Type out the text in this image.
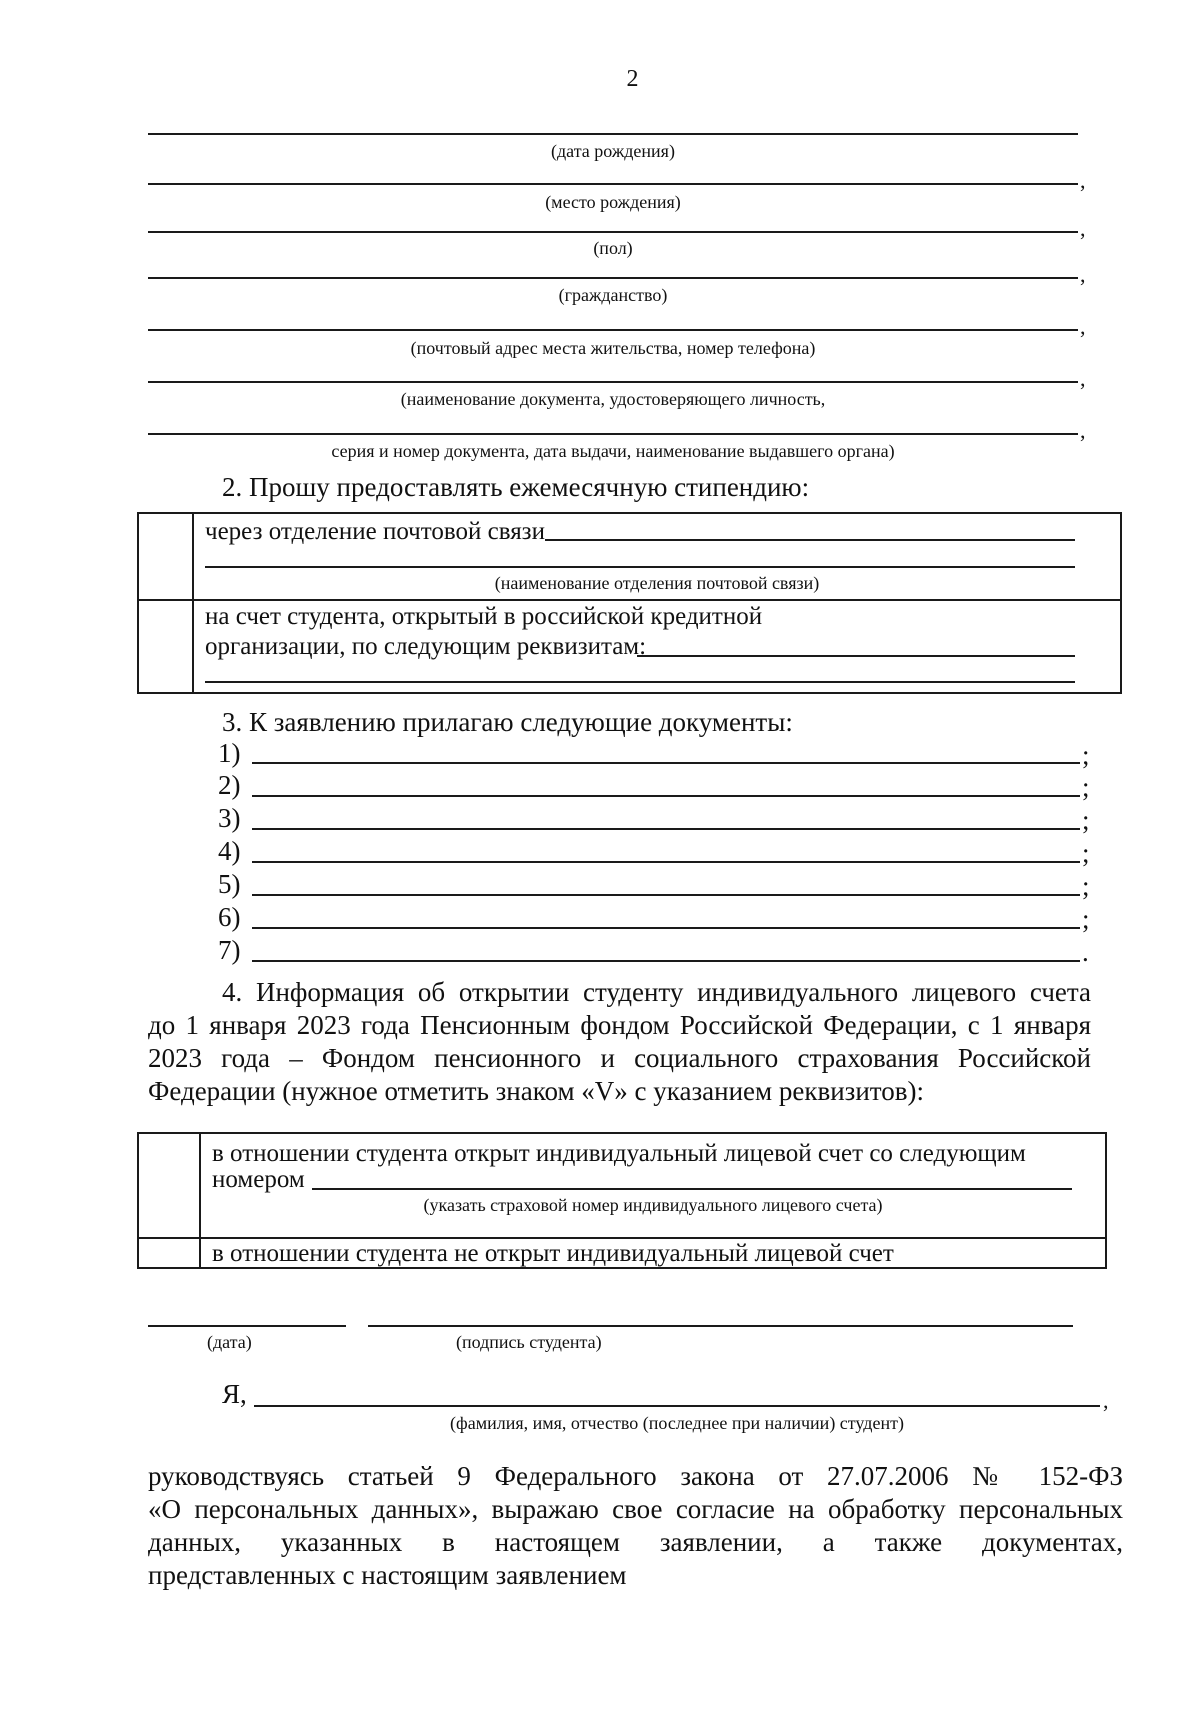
2
(дата рождения)
,
(место рождения)
,
(пол)
,
(гражданство)
,
(почтовый адрес места жительства, номер телефона)
,
(наименование документа, удостоверяющего личность,
,
серия и номер документа, дата выдачи, наименование выдавшего органа)
2. Прошу предоставлять ежемесячную стипендию:
через отделение почтовой связи
(наименование отделения почтовой связи)
на счет студента, открытый в российской кредитной
организации, по следующим реквизитам:
3. К заявлению прилагаю следующие документы:
1)	;
2)	;
3)	;
4)	;
5)	;
6)	;
7)	.
4. Информация об открытии студенту индивидуального лицевого счета
до 1 января 2023 года Пенсионным фондом Российской Федерации, с 1 января
2023 года – Фондом пенсионного и социального страхования Российской
Федерации (нужное отметить знаком «V» с указанием реквизитов):
в отношении студента открыт индивидуальный лицевой счет со следующим
номером
(указать страховой номер индивидуального лицевого счета)
в отношении студента не открыт индивидуальный лицевой счет
(дата)	(подпись студента)
Я,	,
(фамилия, имя, отчество (последнее при наличии) студент)
руководствуясь статьей 9 Федерального закона от 27.07.2006 № 152-ФЗ
«О персональных данных», выражаю свое согласие на обработку персональных
данных, указанных в настоящем заявлении, а также документах,
представленных с настоящим заявлением
